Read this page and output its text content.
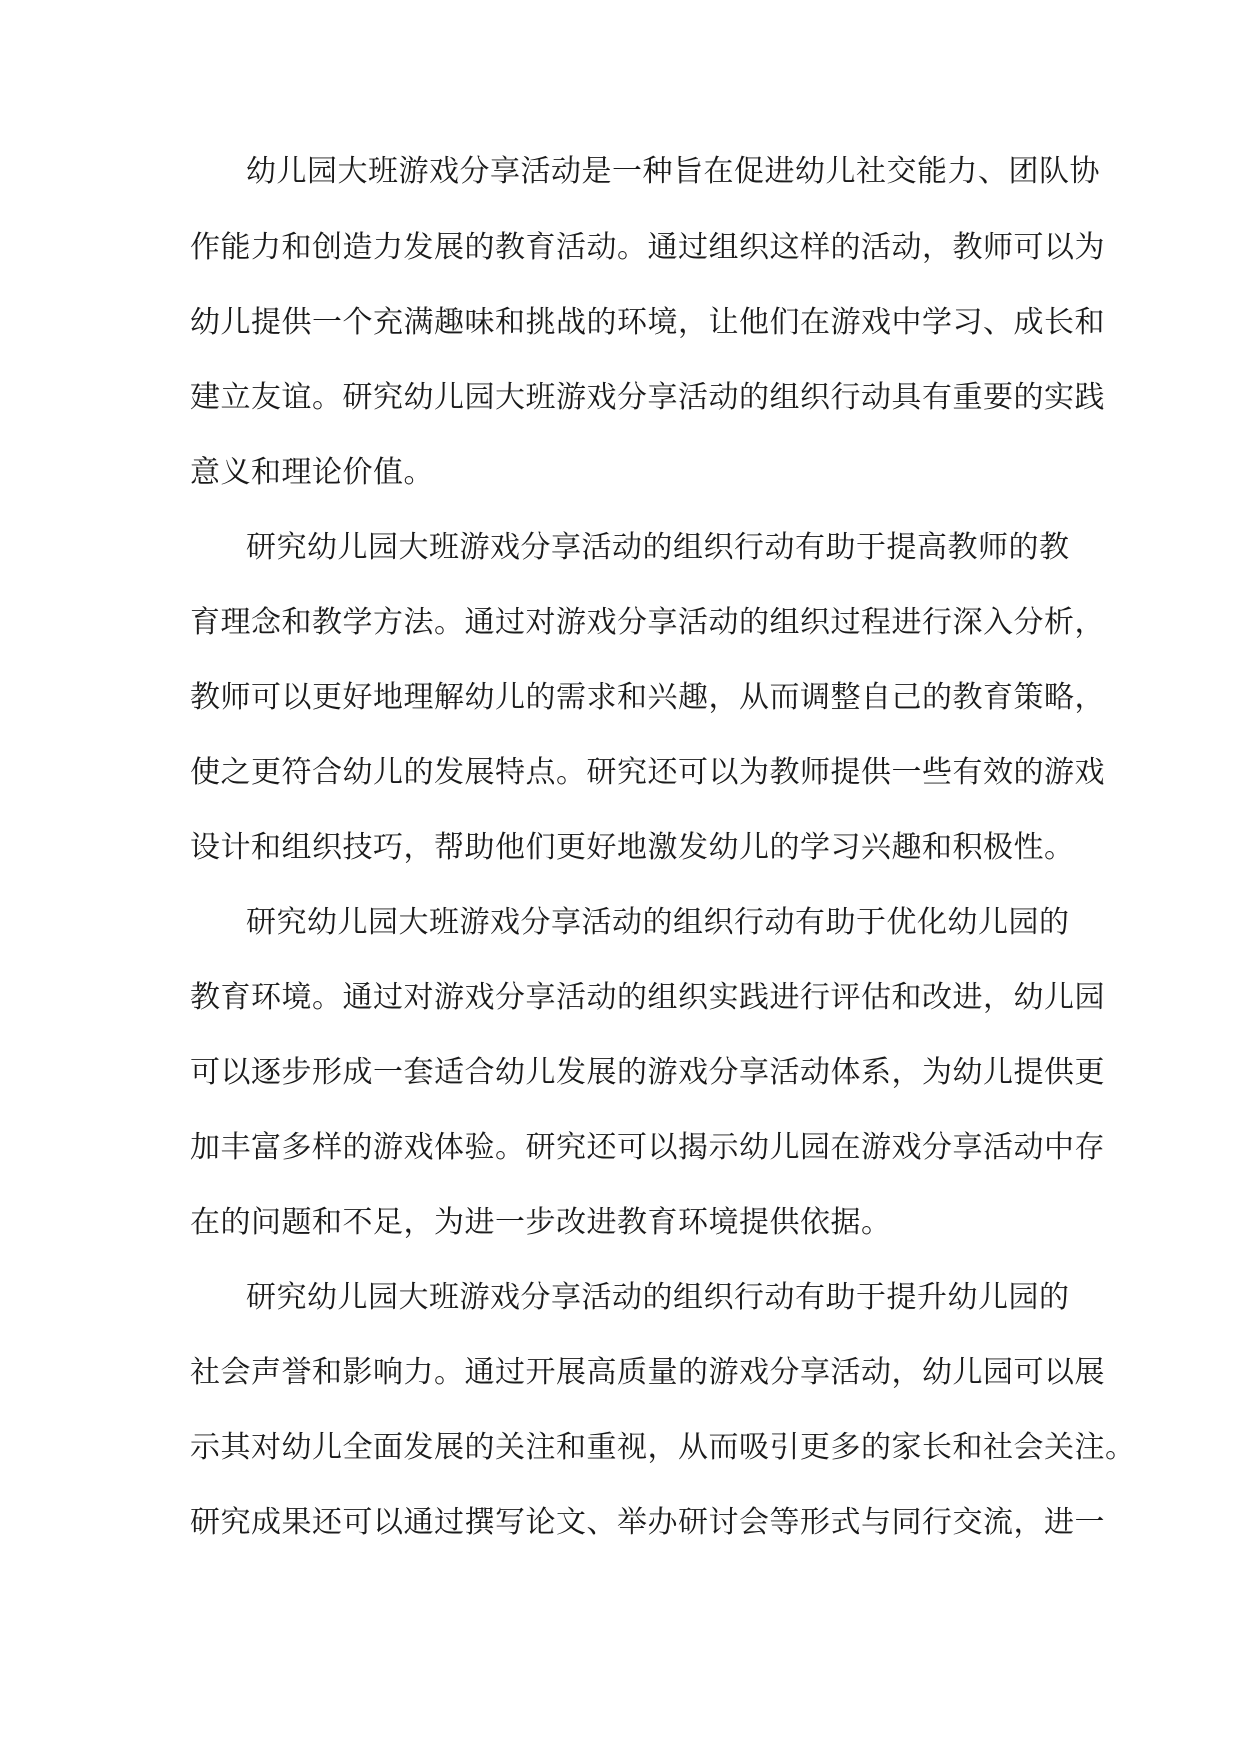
幼儿园大班游戏分享活动是一种旨在促进幼儿社交能力、团队协
作能力和创造力发展的教育活动。通过组织这样的活动，教师可以为
幼儿提供一个充满趣味和挑战的环境，让他们在游戏中学习、成长和
建立友谊。研究幼儿园大班游戏分享活动的组织行动具有重要的实践
意义和理论价值。
研究幼儿园大班游戏分享活动的组织行动有助于提高教师的教
育理念和教学方法。通过对游戏分享活动的组织过程进行深入分析，
教师可以更好地理解幼儿的需求和兴趣，从而调整自己的教育策略，
使之更符合幼儿的发展特点。研究还可以为教师提供一些有效的游戏
设计和组织技巧，帮助他们更好地激发幼儿的学习兴趣和积极性。
研究幼儿园大班游戏分享活动的组织行动有助于优化幼儿园的
教育环境。通过对游戏分享活动的组织实践进行评估和改进，幼儿园
可以逐步形成一套适合幼儿发展的游戏分享活动体系，为幼儿提供更
加丰富多样的游戏体验。研究还可以揭示幼儿园在游戏分享活动中存
在的问题和不足，为进一步改进教育环境提供依据。
研究幼儿园大班游戏分享活动的组织行动有助于提升幼儿园的
社会声誉和影响力。通过开展高质量的游戏分享活动，幼儿园可以展
示其对幼儿全面发展的关注和重视，从而吸引更多的家长和社会关注。
研究成果还可以通过撰写论文、举办研讨会等形式与同行交流，进一
